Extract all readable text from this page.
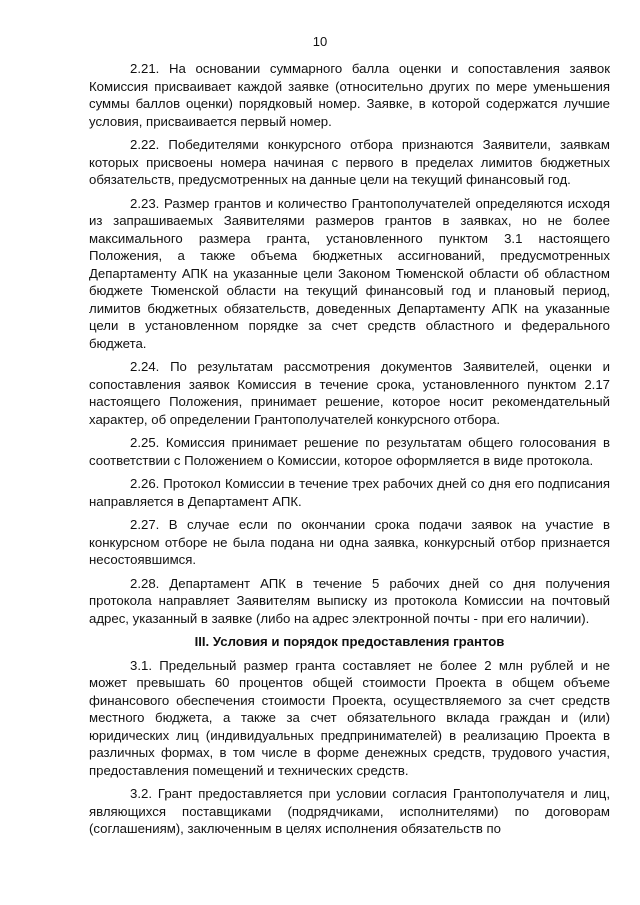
10

2.21. На основании суммарного балла оценки и сопоставления заявок Комиссия присваивает каждой заявке (относительно других по мере уменьшения суммы баллов оценки) порядковый номер. Заявке, в которой содержатся лучшие условия, присваивается первый номер.

2.22. Победителями конкурсного отбора признаются Заявители, заявкам которых присвоены номера начиная с первого в пределах лимитов бюджетных обязательств, предусмотренных на данные цели на текущий финансовый год.

2.23. Размер грантов и количество Грантополучателей определяются исходя из запрашиваемых Заявителями размеров грантов в заявках, но не более максимального размера гранта, установленного пунктом 3.1 настоящего Положения, а также объема бюджетных ассигнований, предусмотренных Департаменту АПК на указанные цели Законом Тюменской области об областном бюджете Тюменской области на текущий финансовый год и плановый период, лимитов бюджетных обязательств, доведенных Департаменту АПК на указанные цели в установленном порядке за счет средств областного и федерального бюджета.

2.24. По результатам рассмотрения документов Заявителей, оценки и сопоставления заявок Комиссия в течение срока, установленного пунктом 2.17 настоящего Положения, принимает решение, которое носит рекомендательный характер, об определении Грантополучателей конкурсного отбора.

2.25. Комиссия принимает решение по результатам общего голосования в соответствии с Положением о Комиссии, которое оформляется в виде протокола.

2.26. Протокол Комиссии в течение трех рабочих дней со дня его подписания направляется в Департамент АПК.

2.27. В случае если по окончании срока подачи заявок на участие в конкурсном отборе не была подана ни одна заявка, конкурсный отбор признается несостоявшимся.

2.28. Департамент АПК в течение 5 рабочих дней со дня получения протокола направляет Заявителям выписку из протокола Комиссии на почтовый адрес, указанный в заявке (либо на адрес электронной почты - при его наличии).

III. Условия и порядок предоставления грантов

3.1. Предельный размер гранта составляет не более 2 млн рублей и не может превышать 60 процентов общей стоимости Проекта в общем объеме финансового обеспечения стоимости Проекта, осуществляемого за счет средств местного бюджета, а также за счет обязательного вклада граждан и (или) юридических лиц (индивидуальных предпринимателей) в реализацию Проекта в различных формах, в том числе в форме денежных средств, трудового участия, предоставления помещений и технических средств.

3.2. Грант предоставляется при условии согласия Грантополучателя и лиц, являющихся поставщиками (подрядчиками, исполнителями) по договорам (соглашениям), заключенным в целях исполнения обязательств по
